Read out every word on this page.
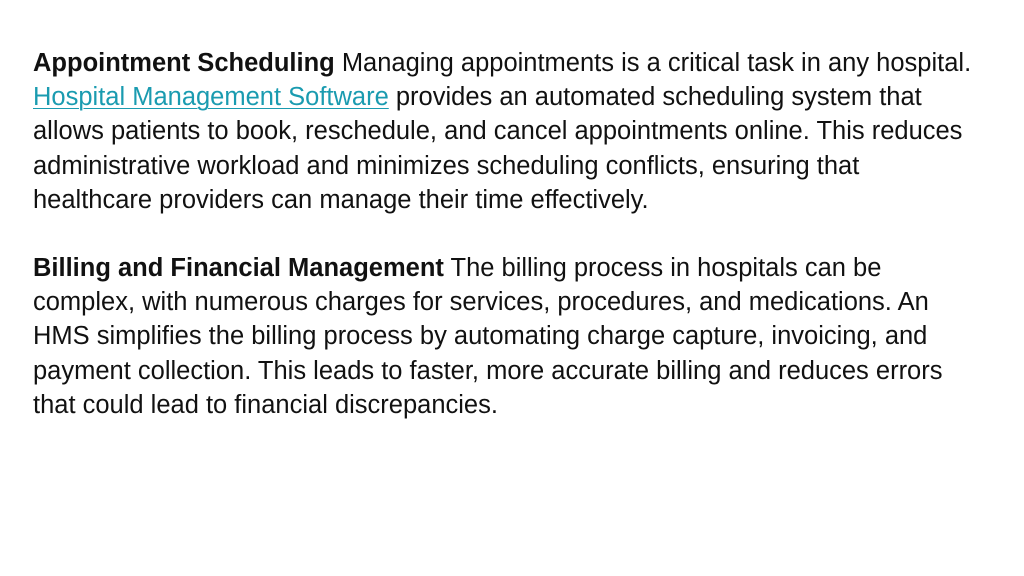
Appointment Scheduling Managing appointments is a critical task in any hospital. Hospital Management Software provides an automated scheduling system that allows patients to book, reschedule, and cancel appointments online. This reduces administrative workload and minimizes scheduling conflicts, ensuring that healthcare providers can manage their time effectively.

Billing and Financial Management The billing process in hospitals can be complex, with numerous charges for services, procedures, and medications. An HMS simplifies the billing process by automating charge capture, invoicing, and payment collection. This leads to faster, more accurate billing and reduces errors that could lead to financial discrepancies.
